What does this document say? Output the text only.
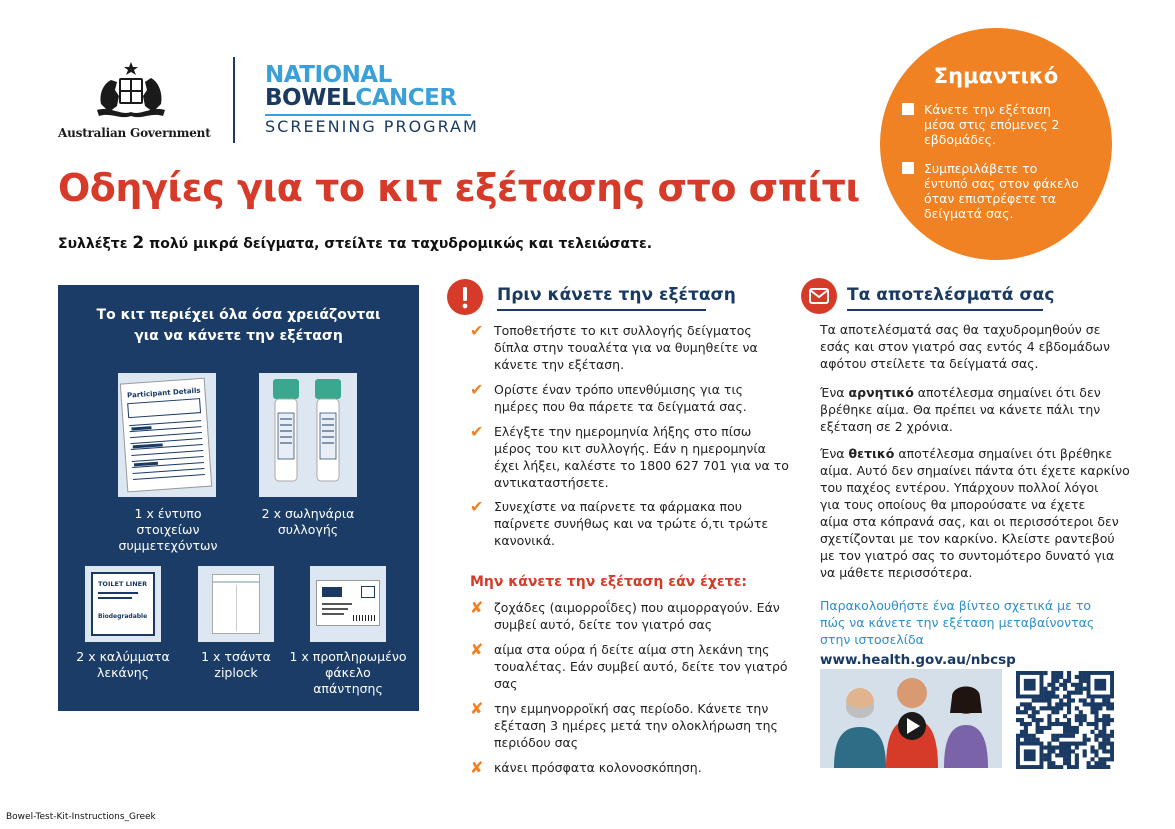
Australian Government
NATIONAL
BOWELCANCER
SCREENING PROGRAM
Οδηγίες για το κιτ εξέτασης στο σπίτι
Συλλέξτε 2 πολύ μικρά δείγματα, στείλτε τα ταχυδρομικώς και τελειώσατε.
Σημαντικό
Κάνετε την εξέταση μέσα στις επόμενες 2 εβδομάδες.
Συμπεριλάβετε το έντυπό σας στον φάκελο όταν επιστρέφετε τα δείγματά σας.
Το κιτ περιέχει όλα όσα χρειάζονται
για να κάνετε την εξέταση
Participant Details
1 x έντυπο
στοιχείων
συμμετεχόντων
2 x σωληνάρια
συλλογής
TOILET LINER
Biodegradable
2 x καλύμματα
λεκάνης
1 x τσάντα
ziplock
1 x προπληρωμένο
φάκελο
απάντησης
Πριν κάνετε την εξέταση
✔ Τοποθετήστε το κιτ συλλογής δείγματος
δίπλα στην τουαλέτα για να θυμηθείτε να
κάνετε την εξέταση.
✔ Ορίστε έναν τρόπο υπενθύμισης για τις
ημέρες που θα πάρετε τα δείγματά σας.
✔ Ελέγξτε την ημερομηνία λήξης στο πίσω
μέρος του κιτ συλλογής. Εάν η ημερομηνία
έχει λήξει, καλέστε το 1800 627 701 για να το
αντικαταστήσετε.
✔ Συνεχίστε να παίρνετε τα φάρμακα που
παίρνετε συνήθως και να τρώτε ό,τι τρώτε
κανονικά.
Μην κάνετε την εξέταση εάν έχετε:
✘ ζοχάδες (αιμορροΐδες) που αιμορραγούν. Εάν
συμβεί αυτό, δείτε τον γιατρό σας
✘ αίμα στα ούρα ή δείτε αίμα στη λεκάνη της
τουαλέτας. Εάν συμβεί αυτό, δείτε τον γιατρό
σας
✘ την εμμηνορροϊκή σας περίοδο. Κάνετε την
εξέταση 3 ημέρες μετά την ολοκλήρωση της
περιόδου σας
✘ κάνει πρόσφατα κολονοσκόπηση.
Τα αποτελέσματά σας

Τα αποτελέσματά σας θα ταχυδρομηθούν σε
εσάς και στον γιατρό σας εντός 4 εβδομάδων
αφότου στείλετε τα δείγματά σας.

Ένα αρνητικό αποτέλεσμα σημαίνει ότι δεν
βρέθηκε αίμα. Θα πρέπει να κάνετε πάλι την
εξέταση σε 2 χρόνια.

Ένα θετικό αποτέλεσμα σημαίνει ότι βρέθηκε
αίμα. Αυτό δεν σημαίνει πάντα ότι έχετε καρκίνο
του παχέος εντέρου. Υπάρχουν πολλοί λόγοι
για τους οποίους θα μπορούσατε να έχετε
αίμα στα κόπρανά σας, και οι περισσότεροι δεν
σχετίζονται με τον καρκίνο. Κλείστε ραντεβού
με τον γιατρό σας το συντομότερο δυνατό για
να μάθετε περισσότερα.

Παρακολουθήστε ένα βίντεο σχετικά με το
πώς να κάνετε την εξέταση μεταβαίνοντας
στην ιστοσελίδα
www.health.gov.au/nbcsp
Bowel-Test-Kit-Instructions_Greek
